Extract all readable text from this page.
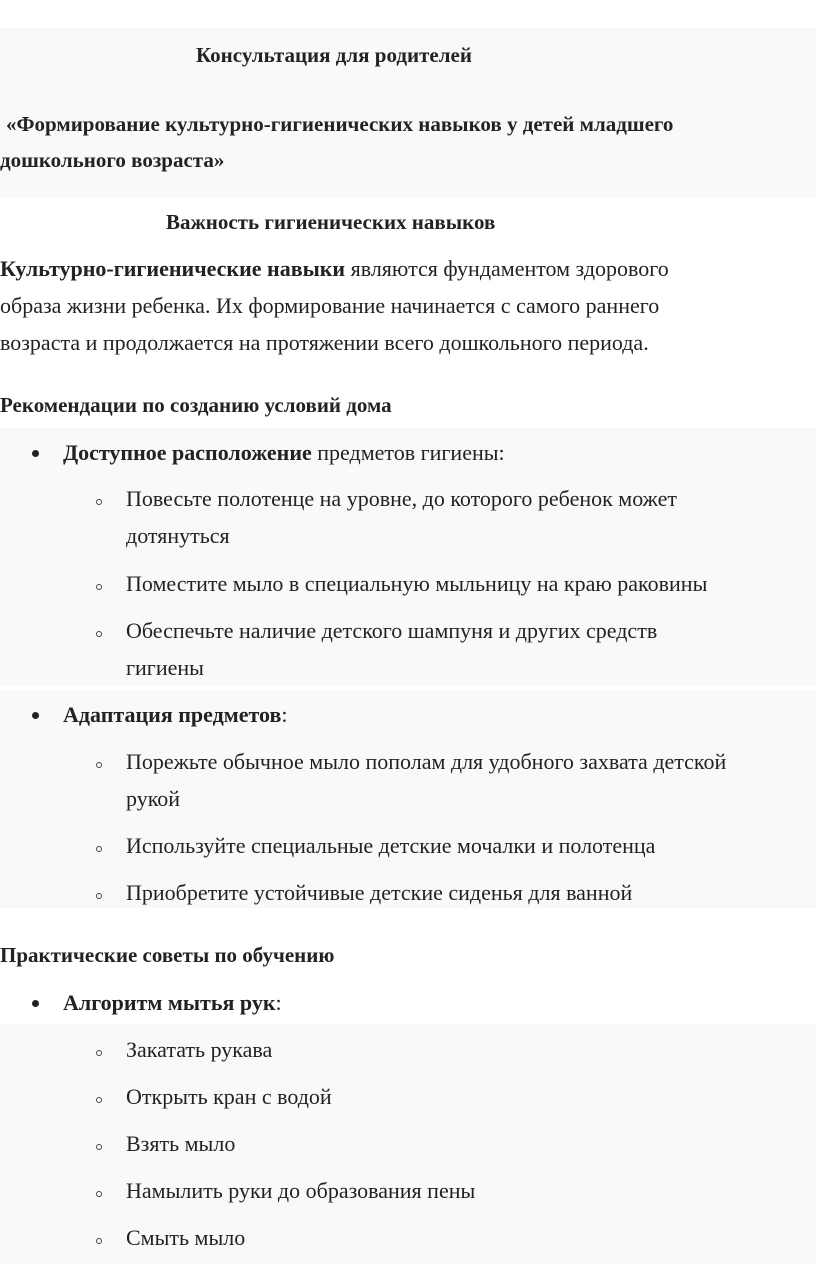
Консультация для родителей
«Формирование культурно-гигиенических навыков у детей младшего
дошкольного возраста»
Важность гигиенических навыков
Культурно-гигиенические навыки являются фундаментом здорового
образа жизни ребенка. Их формирование начинается с самого раннего
возраста и продолжается на протяжении всего дошкольного периода.
Рекомендации по созданию условий дома
Доступное расположение предметов гигиены:
Повесьте полотенце на уровне, до которого ребенок может
дотянуться
Поместите мыло в специальную мыльницу на краю раковины
Обеспечьте наличие детского шампуня и других средств
гигиены
Адаптация предметов:
Порежьте обычное мыло пополам для удобного захвата детской
рукой
Используйте специальные детские мочалки и полотенца
Приобретите устойчивые детские сиденья для ванной
Практические советы по обучению
Алгоритм мытья рук:
Закатать рукава
Открыть кран с водой
Взять мыло
Намылить руки до образования пены
Смыть мыло
